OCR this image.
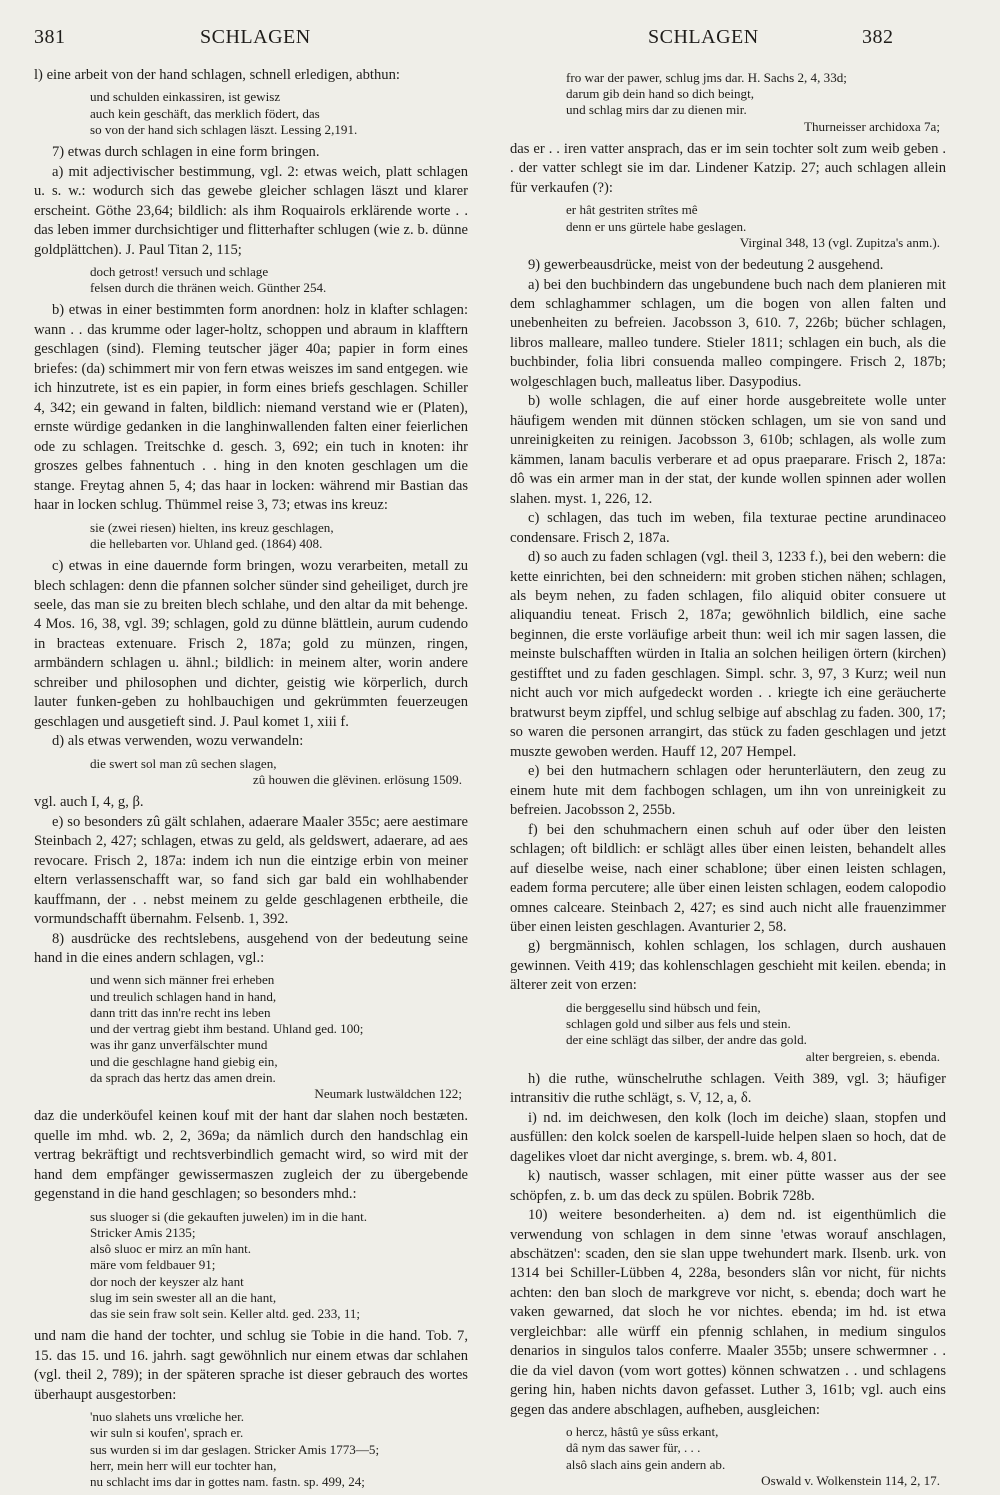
381	SCHLAGEN	SCHLAGEN	382

l) eine arbeit von der hand schlagen, schnell erledigen, abthun:

und schulden einkassiren, ist gewisz
auch kein geschäft, das merklich födert, das
so von der hand sich schlagen läszt. Lessing 2,191.

7) etwas durch schlagen in eine form bringen.

a) mit adjectivischer bestimmung, vgl. 2: etwas weich, platt schlagen u. s. w.: wodurch sich das gewebe gleicher schlagen läszt und klarer erscheint. Göthe 23,64; bildlich: als ihm Roquairols erklärende worte . . das leben immer durchsichtiger und flitterhafter schlugen (wie z. b. dünne goldplättchen). J. Paul Titan 2, 115;

doch getrost! versuch und schlage
felsen durch die thränen weich. Günther 254.

b) etwas in einer bestimmten form anordnen: holz in klafter schlagen: wann . . das krumme oder lager-holtz, schoppen und abraum in klafftern geschlagen (sind). Fleming teutscher jäger 40a; papier in form eines briefes: (da) schimmert mir von fern etwas weiszes im sand entgegen. wie ich hinzutrete, ist es ein papier, in form eines briefs geschlagen. Schiller 4, 342; ein gewand in falten, bildlich: niemand verstand wie er (Platen), ernste würdige gedanken in die langhinwallenden falten einer feierlichen ode zu schlagen. Treitschke d. gesch. 3, 692; ein tuch in knoten: ihr groszes gelbes fahnentuch . . hing in den knoten geschlagen um die stange. Freytag ahnen 5, 4; das haar in locken: während mir Bastian das haar in locken schlug. Thümmel reise 3, 73; etwas ins kreuz:

sie (zwei riesen) hielten, ins kreuz geschlagen,
die hellebarten vor. Uhland ged. (1864) 408.

c) etwas in eine dauernde form bringen, wozu verarbeiten, metall zu blech schlagen: denn die pfannen solcher sünder sind geheiliget, durch jre seele, das man sie zu breiten blech schlahe, und den altar da mit behenge. 4 Mos. 16, 38, vgl. 39; schlagen, gold zu dünne blättlein, aurum cudendo in bracteas extenuare. Frisch 2, 187a; gold zu münzen, ringen, armbändern schlagen u. ähnl.; bildlich: in meinem alter, worin andere schreiber und philosophen und dichter, geistig wie körperlich, durch lauter funken-geben zu hohlbauchigen und gekrümmten feuerzeugen geschlagen und ausgetieft sind. J. Paul komet 1, xiii f.

d) als etwas verwenden, wozu verwandeln:

die swert sol man zû sechen slagen,
zû houwen die glëvinen. erlösung 1509.

vgl. auch I, 4, g, β.

e) so besonders zû gält schlahen, adaerare Maaler 355c; aere aestimare Steinbach 2, 427; schlagen, etwas zu geld, als geldswert, adaerare, ad aes revocare. Frisch 2, 187a: indem ich nun die eintzige erbin von meiner eltern verlassenschafft war, so fand sich gar bald ein wohlhabender kauffmann, der . . nebst meinem zu gelde geschlagenen erbtheile, die vormundschafft übernahm. Felsenb. 1, 392.

8) ausdrücke des rechtslebens, ausgehend von der bedeutung seine hand in die eines andern schlagen, vgl.:

und wenn sich männer frei erheben
und treulich schlagen hand in hand,
dann tritt das inn're recht ins leben
und der vertrag giebt ihm bestand. Uhland ged. 100;
was ihr ganz unverfälschter mund
und die geschlagne hand giebig ein,
da sprach das hertz das amen drein.
Neumark lustwäldchen 122;

daz die underköufel keinen kouf mit der hant dar slahen noch bestæten. quelle im mhd. wb. 2, 2, 369a; da nämlich durch den handschlag ein vertrag bekräftigt und rechtsverbindlich gemacht wird, so wird mit der hand dem empfänger gewissermaszen zugleich der zu übergebende gegenstand in die hand geschlagen; so besonders mhd.:

sus sluoger si (die gekauften juwelen) im in die hant.
Stricker Amis 2135;
alsô sluoc er mirz an mîn hant.
märe vom feldbauer 91;
dor noch der keyszer alz hant
slug im sein swester all an die hant,
das sie sein fraw solt sein. Keller altd. ged. 233, 11;

und nam die hand der tochter, und schlug sie Tobie in die hand. Tob. 7, 15. das 15. und 16. jahrh. sagt gewöhnlich nur einem etwas dar schlahen (vgl. theil 2, 789); in der späteren sprache ist dieser gebrauch des wortes überhaupt ausgestorben:

'nuo slahets uns vrœliche her.
wir suln si koufen', sprach er.
sus wurden si im dar geslagen. Stricker Amis 1773—5;
herr, mein herr will eur tochter han,
nu schlacht ims dar in gottes nam. fastn. sp. 499, 24;
fro war der pawer, schlug jms dar. H. Sachs 2, 4, 33d;
darum gib dein hand so dich beingt,
und schlag mirs dar zu dienen mir.
Thurneisser archidoxa 7a;

das er . . iren vatter ansprach, das er im sein tochter solt zum weib geben . . der vatter schlegt sie im dar. Lindener Katzip. 27; auch schlagen allein für verkaufen (?):

er hât gestriten strîtes mê
denn er uns gürtele habe geslagen.
Virginal 348, 13 (vgl. Zupitza's anm.).

9) gewerbeausdrücke, meist von der bedeutung 2 ausgehend.

a) bei den buchbindern das ungebundene buch nach dem planieren mit dem schlaghammer schlagen, um die bogen von allen falten und unebenheiten zu befreien. Jacobsson 3, 610. 7, 226b; bücher schlagen, libros malleare, malleo tundere. Stieler 1811; schlagen ein buch, als die buchbinder, folia libri consuenda malleo compingere. Frisch 2, 187b; wolgeschlagen buch, malleatus liber. Dasypodius.

b) wolle schlagen, die auf einer horde ausgebreitete wolle unter häufigem wenden mit dünnen stöcken schlagen, um sie von sand und unreinigkeiten zu reinigen. Jacobsson 3, 610b; schlagen, als wolle zum kämmen, lanam baculis verberare et ad opus praeparare. Frisch 2, 187a: dô was ein armer man in der stat, der kunde wollen spinnen ader wollen slahen. myst. 1, 226, 12.

c) schlagen, das tuch im weben, fila texturae pectine arundinaceo condensare. Frisch 2, 187a.

d) so auch zu faden schlagen (vgl. theil 3, 1233 f.), bei den webern: die kette einrichten, bei den schneidern: mit groben stichen nähen; schlagen, als beym nehen, zu faden schlagen, filo aliquid obiter consuere ut aliquandiu teneat. Frisch 2, 187a; gewöhnlich bildlich, eine sache beginnen, die erste vorläufige arbeit thun: weil ich mir sagen lassen, die meinste bulschafften würden in Italia an solchen heiligen örtern (kirchen) gestifftet und zu faden geschlagen. Simpl. schr. 3, 97, 3 Kurz; weil nun nicht auch vor mich aufgedeckt worden . . kriegte ich eine geräucherte bratwurst beym zipffel, und schlug selbige auf abschlag zu faden. 300, 17; so waren die personen arrangirt, das stück zu faden geschlagen und jetzt muszte gewoben werden. Hauff 12, 207 Hempel.

e) bei den hutmachern schlagen oder herunterläutern, den zeug zu einem hute mit dem fachbogen schlagen, um ihn von unreinigkeit zu befreien. Jacobsson 2, 255b.

f) bei den schuhmachern einen schuh auf oder über den leisten schlagen; oft bildlich: er schlägt alles über einen leisten, behandelt alles auf dieselbe weise, nach einer schablone; über einen leisten schlagen, eadem forma percutere; alle über einen leisten schlagen, eodem calopodio omnes calceare. Steinbach 2, 427; es sind auch nicht alle frauenzimmer über einen leisten geschlagen. Avanturier 2, 58.

g) bergmännisch, kohlen schlagen, los schlagen, durch aushauen gewinnen. Veith 419; das kohlenschlagen geschieht mit keilen. ebenda; in älterer zeit von erzen:

die berggesellu sind hübsch und fein,
schlagen gold und silber aus fels und stein.
der eine schlägt das silber, der andre das gold.
alter bergreien, s. ebenda.

h) die ruthe, wünschelruthe schlagen. Veith 389, vgl. 3; häufiger intransitiv die ruthe schlägt, s. V, 12, a, δ.

i) nd. im deichwesen, den kolk (loch im deiche) slaan, stopfen und ausfüllen: den kolck soelen de karspell-luide helpen slaen so hoch, dat de dagelikes vloet dar nicht averginge, s. brem. wb. 4, 801.

k) nautisch, wasser schlagen, mit einer pütte wasser aus der see schöpfen, z. b. um das deck zu spülen. Bobrik 728b.

10) weitere besonderheiten. a) dem nd. ist eigenthümlich die verwendung von schlagen in dem sinne 'etwas worauf anschlagen, abschätzen': scaden, den sie slan uppe twehundert mark. Ilsenb. urk. von 1314 bei Schiller-Lübben 4, 228a, besonders slân vor nicht, für nichts achten: den ban sloch de markgreve vor nicht, s. ebenda; doch wart he vaken gewarned, dat sloch he vor nichtes. ebenda; im hd. ist etwa vergleichbar: alle würff ein pfennig schlahen, in medium singulos denarios in singulos talos conferre. Maaler 355b; unsere schwermner . . die da viel davon (vom wort gottes) können schwatzen . . und schlagens gering hin, haben nichts davon gefasset. Luther 3, 161b; vgl. auch eins gegen das andere abschlagen, aufheben, ausgleichen:

o hercz, hâstû ye sûss erkant,
dâ nym das sawer für, . . .
alsô slach ains gein andern ab.
Oswald v. Wolkenstein 114, 2, 17.
